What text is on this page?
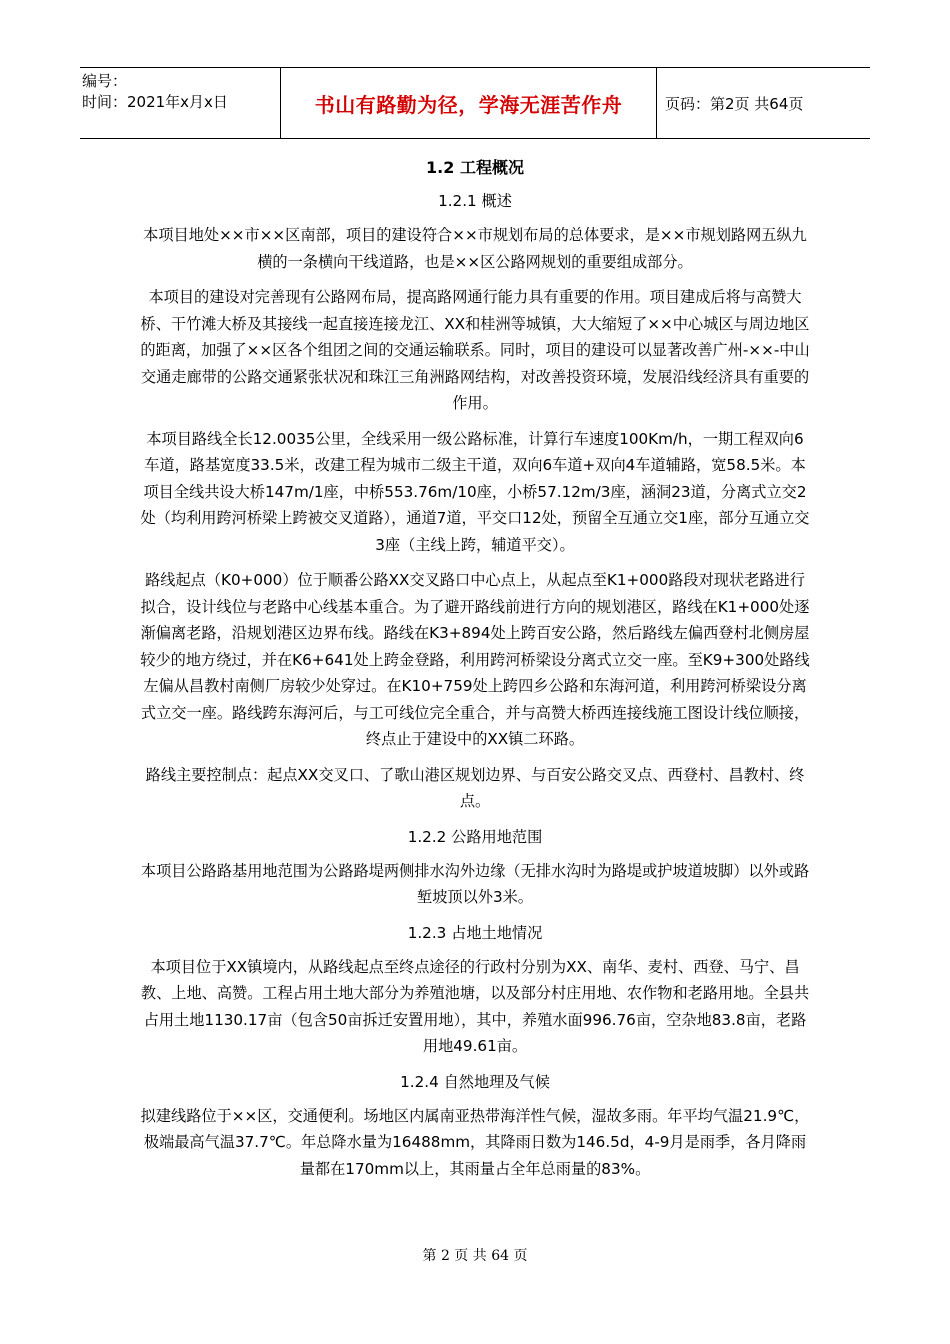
编号：
时间：2021年x月x日	书山有路勤为径，学海无涯苦作舟	页码：第2页 共64页
1.2 工程概况
1.2.1 概述

本项目地处××市××区南部，项目的建设符合××市规划布局的总体要求，是××市规划路网五纵九横的一条横向干线道路，也是××区公路网规划的重要组成部分。

本项目的建设对完善现有公路网布局，提高路网通行能力具有重要的作用。项目建成后将与高赞大桥、干竹滩大桥及其接线一起直接连接龙江、XX和桂洲等城镇，大大缩短了××中心城区与周边地区的距离，加强了××区各个组团之间的交通运输联系。同时，项目的建设可以显著改善广州-××-中山交通走廊带的公路交通紧张状况和珠江三角洲路网结构，对改善投资环境，发展沿线经济具有重要的作用。

本项目路线全长12.0035公里，全线采用一级公路标准，计算行车速度100Km/h，一期工程双向6车道，路基宽度33.5米，改建工程为城市二级主干道，双向6车道+双向4车道辅路，宽58.5米。本项目全线共设大桥147m/1座，中桥553.76m/10座，小桥57.12m/3座，涵洞23道，分离式立交2处（均利用跨河桥梁上跨被交叉道路），通道7道，平交口12处，预留全互通立交1座，部分互通立交3座（主线上跨，辅道平交）。

路线起点（K0+000）位于顺番公路XX交叉路口中心点上，从起点至K1+000路段对现状老路进行拟合，设计线位与老路中心线基本重合。为了避开路线前进行方向的规划港区，路线在K1+000处逐渐偏离老路，沿规划港区边界布线。路线在K3+894处上跨百安公路，然后路线左偏西登村北侧房屋较少的地方绕过，并在K6+641处上跨金登路，利用跨河桥梁设分离式立交一座。至K9+300处路线左偏从昌教村南侧厂房较少处穿过。在K10+759处上跨四乡公路和东海河道，利用跨河桥梁设分离式立交一座。路线跨东海河后，与工可线位完全重合，并与高赞大桥西连接线施工图设计线位顺接，终点止于建设中的XX镇二环路。

路线主要控制点：起点XX交叉口、了歌山港区规划边界、与百安公路交叉点、西登村、昌教村、终点。

1.2.2 公路用地范围

本项目公路路基用地范围为公路路堤两侧排水沟外边缘（无排水沟时为路堤或护坡道坡脚）以外或路堑坡顶以外3米。

1.2.3 占地土地情况

本项目位于XX镇境内，从路线起点至终点途径的行政村分别为XX、南华、麦村、西登、马宁、昌教、上地、高赞。工程占用土地大部分为养殖池塘，以及部分村庄用地、农作物和老路用地。全县共占用土地1130.17亩（包含50亩拆迁安置用地），其中，养殖水面996.76亩，空杂地83.8亩，老路用地49.61亩。

1.2.4 自然地理及气候

拟建线路位于××区，交通便利。场地区内属南亚热带海洋性气候，湿故多雨。年平均气温21.9℃，极端最高气温37.7℃。年总降水量为16488mm，其降雨日数为146.5d，4-9月是雨季，各月降雨量都在170mm以上，其雨量占全年总雨量的83%。

第 2 页 共 64 页
